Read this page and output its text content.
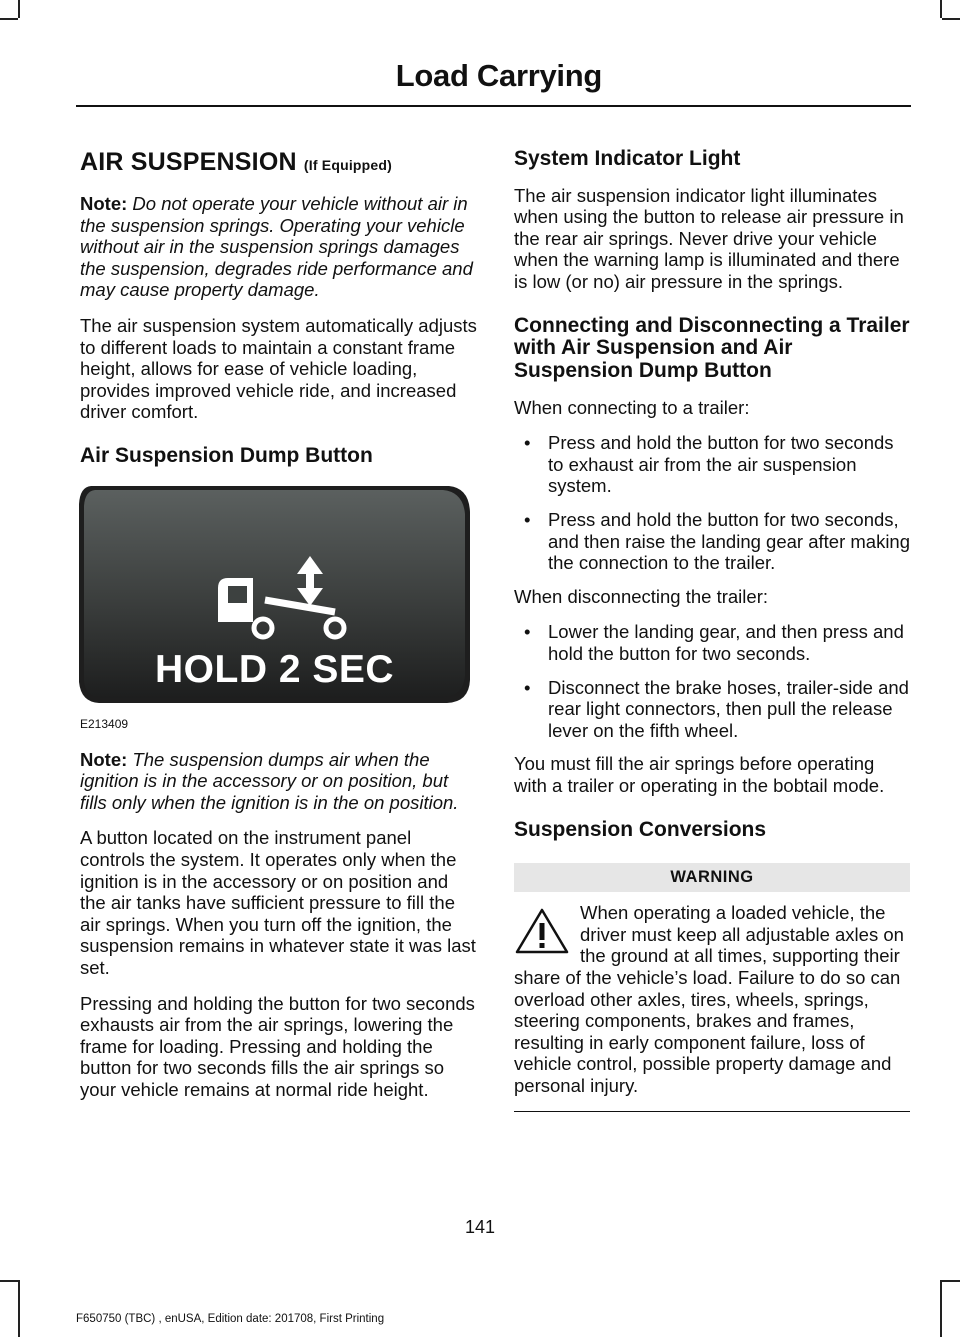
Load Carrying
AIR SUSPENSION (If Equipped)

Note: Do not operate your vehicle without air in the suspension springs. Operating your vehicle without air in the suspension springs damages the suspension, degrades ride performance and may cause property damage.

The air suspension system automatically adjusts to different loads to maintain a constant frame height, allows for ease of vehicle loading, provides improved vehicle ride, and increased driver comfort.

Air Suspension Dump Button
HOLD 2 SEC
E213409

Note: The suspension dumps air when the ignition is in the accessory or on position, but fills only when the ignition is in the on position.

A button located on the instrument panel controls the system. It operates only when the ignition is in the accessory or on position and the air tanks have sufficient pressure to fill the air springs. When you turn off the ignition, the suspension remains in whatever state it was last set.

Pressing and holding the button for two seconds exhausts air from the air springs, lowering the frame for loading. Pressing and holding the button for two seconds fills the air springs so your vehicle remains at normal ride height.

System Indicator Light

The air suspension indicator light illuminates when using the button to release air pressure in the rear air springs. Never drive your vehicle when the warning lamp is illuminated and there is low (or no) air pressure in the springs.

Connecting and Disconnecting a Trailer with Air Suspension and Air Suspension Dump Button

When connecting to a trailer:

• Press and hold the button for two seconds to exhaust air from the air suspension system.
• Press and hold the button for two seconds, and then raise the landing gear after making the connection to the trailer.

When disconnecting the trailer:

• Lower the landing gear, and then press and hold the button for two seconds.
• Disconnect the brake hoses, trailer-side and rear light connectors, then pull the release lever on the fifth wheel.

You must fill the air springs before operating with a trailer or operating in the bobtail mode.

Suspension Conversions
WARNING
When operating a loaded vehicle, the driver must keep all adjustable axles on the ground at all times, supporting their share of the vehicle’s load. Failure to do so can overload other axles, tires, wheels, springs, steering components, brakes and frames, resulting in early component failure, loss of vehicle control, possible property damage and personal injury.
141
F650750 (TBC) , enUSA, Edition date: 201708, First Printing
